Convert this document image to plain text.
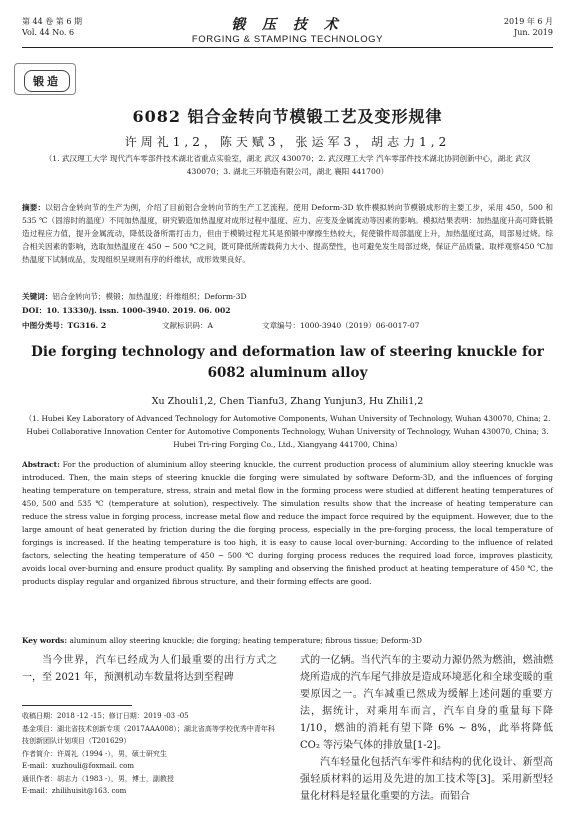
第 44 卷 第 6 期
Vol. 44 No. 6	锻 压 技 术
FORGING & STAMPING TECHNOLOGY
2019 年 6 月
Jun. 2019
锻造
6082 铝合金转向节模锻工艺及变形规律
许周礼1,2，陈天赋3，张运军3，胡志力1,2
（1. 武汉理工大学 现代汽车零部件技术湖北省重点实验室，湖北 武汉 430070；2. 武汉理工大学 汽车零部件技术湖北协同创新中心，湖北 武汉 430070；3. 湖北三环锻造有限公司，湖北 襄阳 441700）
摘要：以铝合金转向节的生产为例，介绍了目前铝合金转向节的生产工艺流程。使用 Deform-3D 软件模拟转向节模锻成形的主要工步，采用 450，500 和 535 ℃（固溶时的温度）不同加热温度，研究锻造加热温度对成形过程中温度、应力、应变及金属流动等因素的影响。模拟结果表明：加热温度升高可降低锻造过程应力值，提升金属流动，降低设备所需打击力，但由于模锻过程尤其是预锻中摩擦生热较大，促使锻件局部温度上升，加热温度过高，局部易过烧。综合相关因素的影响，选取加热温度在 450 ~ 500 ℃之间，既可降低所需载荷力大小、提高塑性，也可避免发生局部过烧，保证产品质量。取样观察450 ℃加热温度下试制成品，发现组织呈规则有序的纤维状，成形效果良好。
关键词：铝合金转向节；模锻；加热温度；纤维组织；Deform-3D
DOI：10. 13330/j. issn. 1000-3940. 2019. 06. 002
中图分类号：TG316. 2	文献标识码：A	文章编号：1000-3940（2019）06-0017-07
Die forging technology and deformation law of steering knuckle for 6082 aluminum alloy
Xu Zhouli1,2, Chen Tianfu3, Zhang Yunjun3, Hu Zhili1,2
（1. Hubei Key Laboratory of Advanced Technology for Automotive Components, Wuhan University of Technology, Wuhan 430070, China; 2. Hubei Collaborative Innovation Center for Automotive Components Technology, Wuhan University of Technology, Wuhan 430070, China; 3. Hubei Tri-ring Forging Co., Ltd., Xiangyang 441700, China）
Abstract: For the production of aluminium alloy steering knuckle, the current production process of aluminium alloy steering knuckle was introduced. Then, the main steps of steering knuckle die forging were simulated by software Deform-3D, and the influences of forging heating temperature on temperature, stress, strain and metal flow in the forming process were studied at different heating temperatures of 450, 500 and 535 ℃ (temperature at solution), respectively. The simulation results show that the increase of heating temperature can reduce the stress value in forging process, increase metal flow and reduce the impact force required by the equipment. However, due to the large amount of heat generated by friction during the die forging process, especially in the pre-forging process, the local temperature of forgings is increased. If the heating temperature is too high, it is easy to cause local over-burning. According to the influence of related factors, selecting the heating temperature of 450 ~ 500 ℃ during forging process reduces the required load force, improves plasticity, avoids local over-burning and ensure product quality. By sampling and observing the finished product at heating temperature of 450 ℃, the products display regular and organized fibrous structure, and their forming effects are good.
Key words: aluminum alloy steering knuckle; die forging; heating temperature; fibrous tissue; Deform-3D
当今世界，汽车已经成为人们最重要的出行方式之一，至 2021 年，预测机动车数量将达到至程碑

式的一亿辆。当代汽车的主要动力源仍然为燃油，燃油燃烧所造成的汽车尾气排放是造成环境恶化和全球变暖的重要原因之一。汽车减重已然成为缓解上述问题的重要方法，据统计，对乘用车而言，汽车自身的重量每下降 1/10，燃油的消耗有望下降 6% ~ 8%，此举将降低 CO₂ 等污染气体的排放量[1-2]。

汽车轻量化包括汽车零件和结构的优化设计、新型高强轻质材料的运用及先进的加工技术等[3]。采用新型轻量化材料是轻量化重要的方法。而铝合

收稿日期：2018 -12 -15；修订日期：2019 -03 -05
基金项目：湖北省技术创新专项（2017AAA008）；湖北省高等学校优秀中青年科技创新团队计划项目（T201629）
作者简介：许周礼（1994 -），男，硕士研究生
E-mail：xuzhouli@foxmail. com
通讯作者：胡志力（1983 -），男，博士，副教授
E-mail：zhilihuisit@163. com
